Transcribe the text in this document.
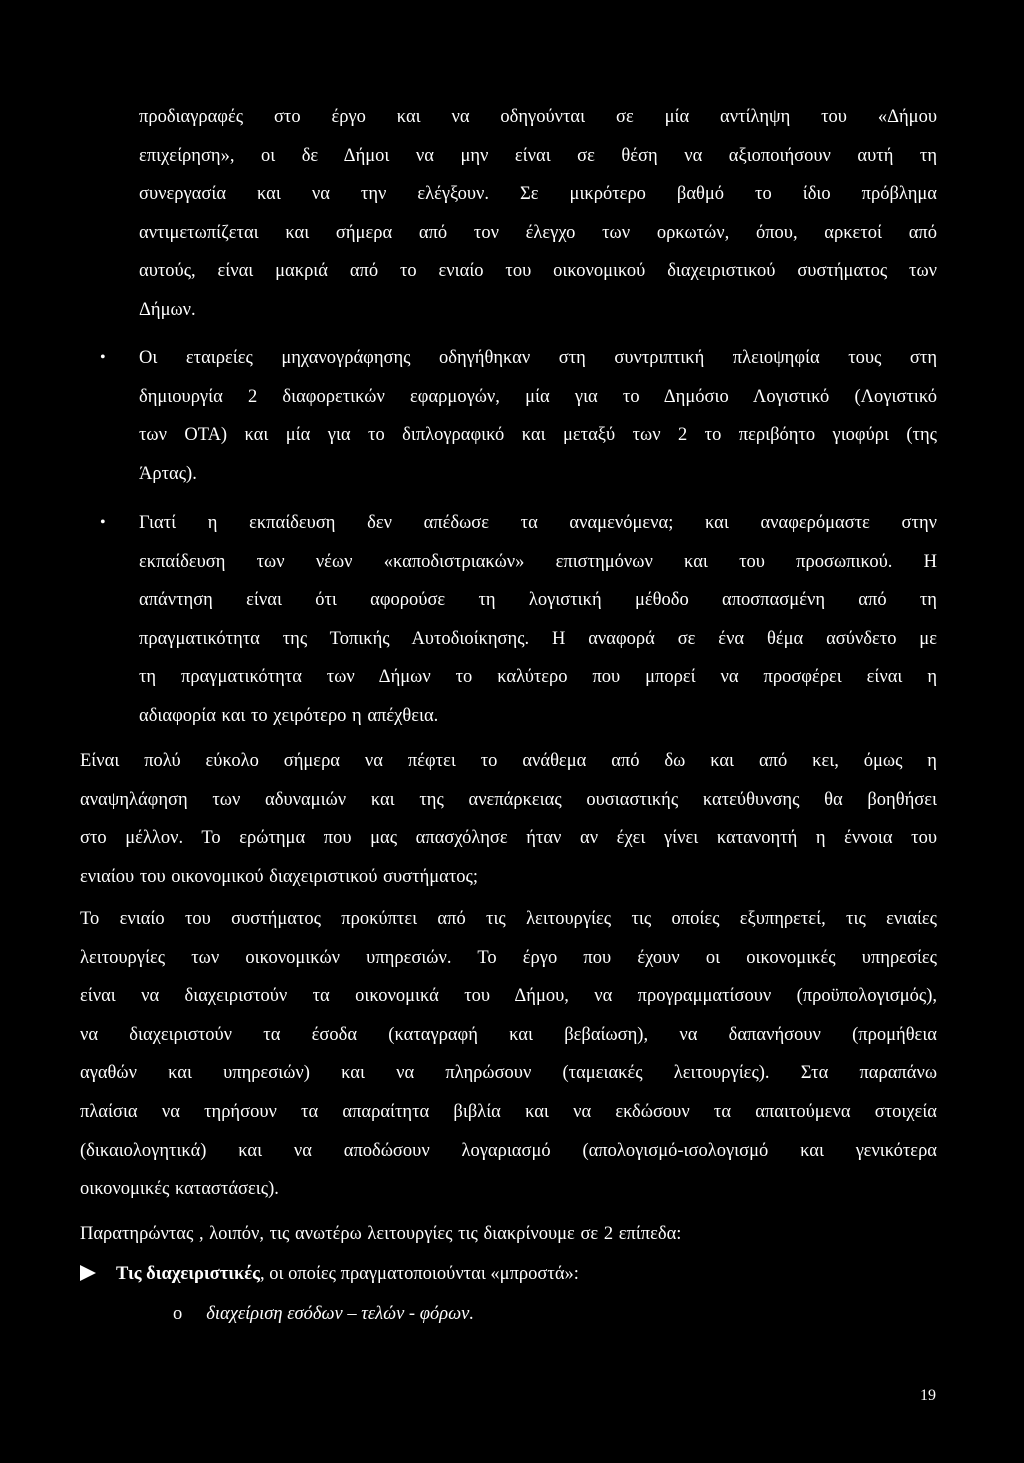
προδιαγραφές στο έργο και να οδηγούνται σε μία αντίληψη του «Δήμου
επιχείρηση», οι δε Δήμοι να μην είναι σε θέση να αξιοποιήσουν αυτή τη
συνεργασία και να την ελέγξουν. Σε μικρότερο βαθμό το ίδιο πρόβλημα
αντιμετωπίζεται και σήμερα από τον έλεγχο των ορκωτών, όπου, αρκετοί από
αυτούς, είναι μακριά από το ενιαίο του οικονομικού διαχειριστικού συστήματος των
Δήμων.
• Οι εταιρείες μηχανογράφησης οδηγήθηκαν στη συντριπτική πλειοψηφία τους στη
δημιουργία 2 διαφορετικών εφαρμογών, μία για το Δημόσιο Λογιστικό (Λογιστικό
των ΟΤΑ) και μία για το διπλογραφικό και μεταξύ των 2 το περιβόητο γιοφύρι (της
Άρτας).
• Γιατί η εκπαίδευση δεν απέδωσε τα αναμενόμενα; και αναφερόμαστε στην
εκπαίδευση των νέων «καποδιστριακών» επιστημόνων και του προσωπικού. Η
απάντηση είναι ότι αφορούσε τη λογιστική μέθοδο αποσπασμένη από τη
πραγματικότητα της Τοπικής Αυτοδιοίκησης. Η αναφορά σε ένα θέμα ασύνδετο με
τη πραγματικότητα των Δήμων το καλύτερο που μπορεί να προσφέρει είναι η
αδιαφορία και το χειρότερο η απέχθεια.
Είναι πολύ εύκολο σήμερα να πέφτει το ανάθεμα από δω και από κει, όμως η
αναψηλάφηση των αδυναμιών και της ανεπάρκειας ουσιαστικής κατεύθυνσης θα βοηθήσει
στο μέλλον. Το ερώτημα που μας απασχόλησε ήταν αν έχει γίνει κατανοητή η έννοια του
ενιαίου του οικονομικού διαχειριστικού συστήματος;
Το ενιαίο του συστήματος προκύπτει από τις λειτουργίες τις οποίες εξυπηρετεί, τις ενιαίες
λειτουργίες των οικονομικών υπηρεσιών. Το έργο που έχουν οι οικονομικές υπηρεσίες
είναι να διαχειριστούν τα οικονομικά του Δήμου, να προγραμματίσουν (προϋπολογισμός),
να διαχειριστούν τα έσοδα (καταγραφή και βεβαίωση), να δαπανήσουν (προμήθεια
αγαθών και υπηρεσιών) και να πληρώσουν (ταμειακές λειτουργίες). Στα παραπάνω
πλαίσια να τηρήσουν τα απαραίτητα βιβλία και να εκδώσουν τα απαιτούμενα στοιχεία
(δικαιολογητικά) και να αποδώσουν λογαριασμό (απολογισμό-ισολογισμό και γενικότερα
οικονομικές καταστάσεις).
Παρατηρώντας , λοιπόν, τις ανωτέρω λειτουργίες τις διακρίνουμε σε 2 επίπεδα:
Τις διαχειριστικές, οι οποίες πραγματοποιούνται «μπροστά»:
ο διαχείριση εσόδων – τελών - φόρων.
19
